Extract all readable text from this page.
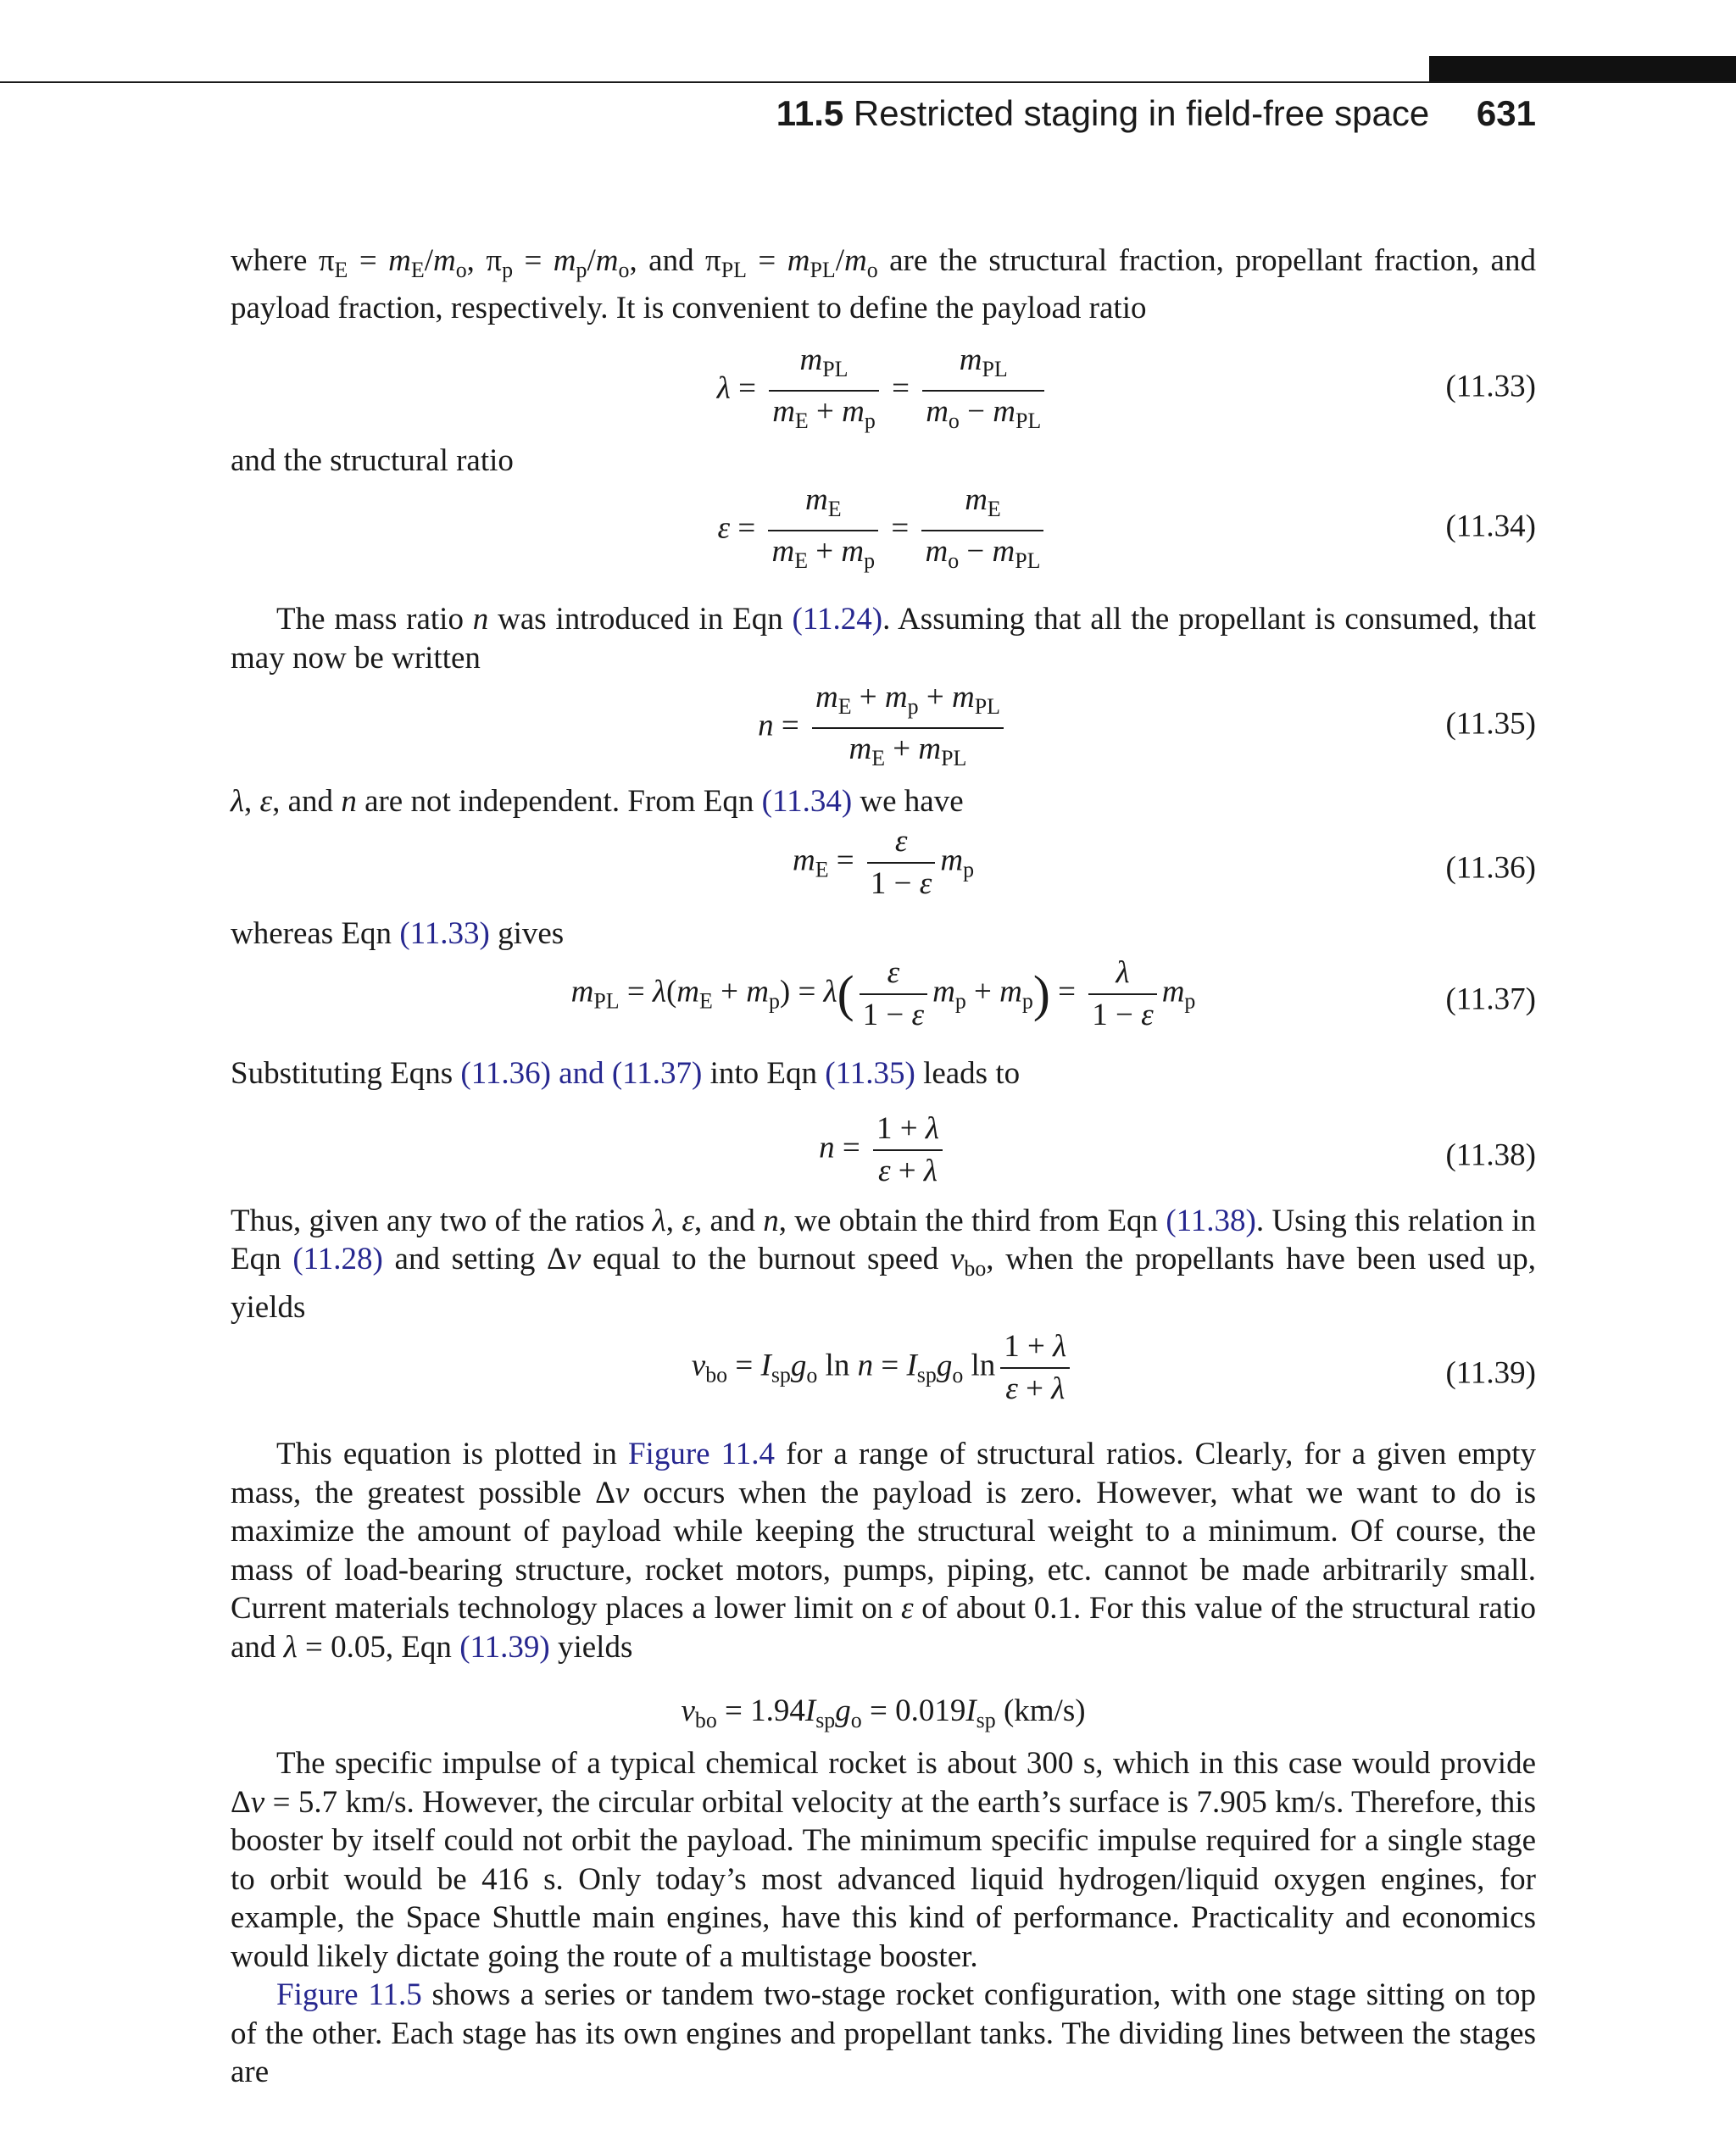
11.5 Restricted staging in field-free space 631

where $\pi_E = m_E/m_o$, $\pi_p = m_p/m_o$, and $\pi_{PL} = m_{PL}/m_o$ are the structural fraction, propellant fraction, and payload fraction, respectively. It is convenient to define the payload ratio

$\lambda = \frac{m_{PL}}{m_E + m_p} = \frac{m_{PL}}{m_o - m_{PL}}$	(11.33)

and the structural ratio

$\varepsilon = \frac{m_E}{m_E + m_p} = \frac{m_E}{m_o - m_{PL}}$	(11.34)

The mass ratio n was introduced in Eqn (11.24). Assuming that all the propellant is consumed, that may now be written

$n = \frac{m_E + m_p + m_{PL}}{m_E + m_{PL}}$	(11.35)

λ, ε, and n are not independent. From Eqn (11.34) we have

$m_E = \frac{\varepsilon}{1 - \varepsilon} m_p$	(11.36)

whereas Eqn (11.33) gives

$m_{PL} = \lambda(m_E + m_p) = \lambda( \frac{\varepsilon}{1 - \varepsilon} m_p + m_p) = \frac{\lambda}{1 - \varepsilon} m_p$	(11.37)

Substituting Eqns (11.36) and (11.37) into Eqn (11.35) leads to

$n = \frac{1 + \lambda}{\varepsilon + \lambda}$	(11.38)

Thus, given any two of the ratios λ, ε, and n, we obtain the third from Eqn (11.38). Using this relation in Eqn (11.28) and setting Δv equal to the burnout speed $v_{bo}$, when the propellants have been used up, yields

$v_{bo} = I_{sp}g_o$ $\ln n = I_{sp}g_o$ $\ln \frac{1 + \lambda}{\varepsilon + \lambda}$	(11.39)

This equation is plotted in Figure 11.4 for a range of structural ratios. Clearly, for a given empty mass, the greatest possible Δv occurs when the payload is zero. However, what we want to do is maximize the amount of payload while keeping the structural weight to a minimum. Of course, the mass of load-bearing structure, rocket motors, pumps, piping, etc. cannot be made arbitrarily small. Current materials technology places a lower limit on ε of about 0.1. For this value of the structural ratio and λ = 0.05, Eqn (11.39) yields

$v_{bo} = 1.94I_{sp}g_o = 0.019I_{sp}$ (km/s)

The specific impulse of a typical chemical rocket is about 300 s, which in this case would provide Δv = 5.7 km/s. However, the circular orbital velocity at the earth’s surface is 7.905 km/s. Therefore, this booster by itself could not orbit the payload. The minimum specific impulse required for a single stage to orbit would be 416 s. Only today’s most advanced liquid hydrogen/liquid oxygen engines, for example, the Space Shuttle main engines, have this kind of performance. Practicality and economics would likely dictate going the route of a multistage booster.

Figure 11.5 shows a series or tandem two-stage rocket configuration, with one stage sitting on top of the other. Each stage has its own engines and propellant tanks. The dividing lines between the stages are
